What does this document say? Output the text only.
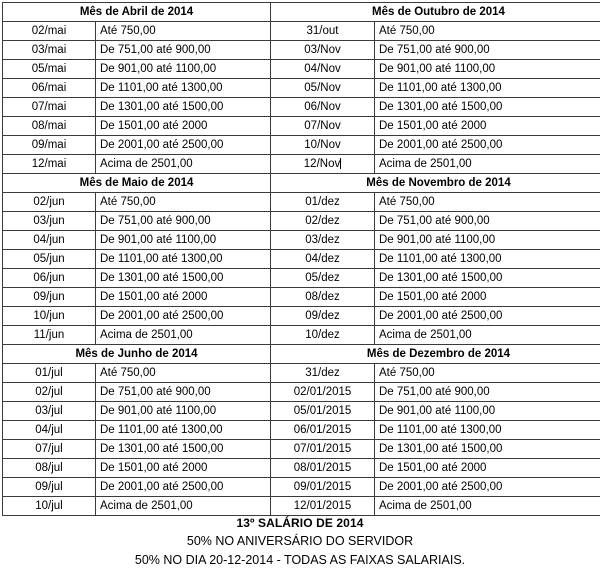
Mês de Abril de 2014		Mês de Outubro de 2014	
02/mai	Até 750,00	31/out	Até 750,00
03/mai	De 751,00 até 900,00	03/Nov	De 751,00 até 900,00
05/mai	De 901,00 até 1100,00	04/Nov	De 901,00 até 1100,00
06/mai	De 1101,00 até 1300,00	05/Nov	De 1101,00 até 1300,00
07/mai	De 1301,00 até 1500,00	06/Nov	De 1301,00 até 1500,00
08/mai	De 1501,00 até 2000	07/Nov	De 1501,00 até 2000
09/mai	De 2001,00 até 2500,00	10/Nov	De 2001,00 até 2500,00
12/mai	Acima de 2501,00	12/Nov	Acima de 2501,00
Mês de Maio de 2014		Mês de Novembro de 2014	
02/jun	Até 750,00	01/dez	Até 750,00
03/jun	De 751,00 até 900,00	02/dez	De 751,00 até 900,00
04/jun	De 901,00 até 1100,00	03/dez	De 901,00 até 1100,00
05/jun	De 1101,00 até 1300,00	04/dez	De 1101,00 até 1300,00
06/jun	De 1301,00 até 1500,00	05/dez	De 1301,00 até 1500,00
09/jun	De 1501,00 até 2000	08/dez	De 1501,00 até 2000
10/jun	De 2001,00 até 2500,00	09/dez	De 2001,00 até 2500,00
11/jun	Acima de 2501,00	10/dez	Acima de 2501,00
Mês de Junho de 2014		Mês de Dezembro de 2014	
01/jul	Até 750,00	31/dez	Até 750,00
02/jul	De 751,00 até 900,00	02/01/2015	De 751,00 até 900,00
03/jul	De 901,00 até 1100,00	05/01/2015	De 901,00 até 1100,00
04/jul	De 1101,00 até 1300,00	06/01/2015	De 1101,00 até 1300,00
07/jul	De 1301,00 até 1500,00	07/01/2015	De 1301,00 até 1500,00
08/jul	De 1501,00 até 2000	08/01/2015	De 1501,00 até 2000
09/jul	De 2001,00 até 2500,00	09/01/2015	De 2001,00 até 2500,00
10/jul	Acima de 2501,00	12/01/2015	Acima de 2501,00
13º SALÁRIO DE 2014
50% NO ANIVERSÁRIO DO SERVIDOR
50% NO DIA 20-12-2014 - TODAS AS FAIXAS SALARIAIS.
